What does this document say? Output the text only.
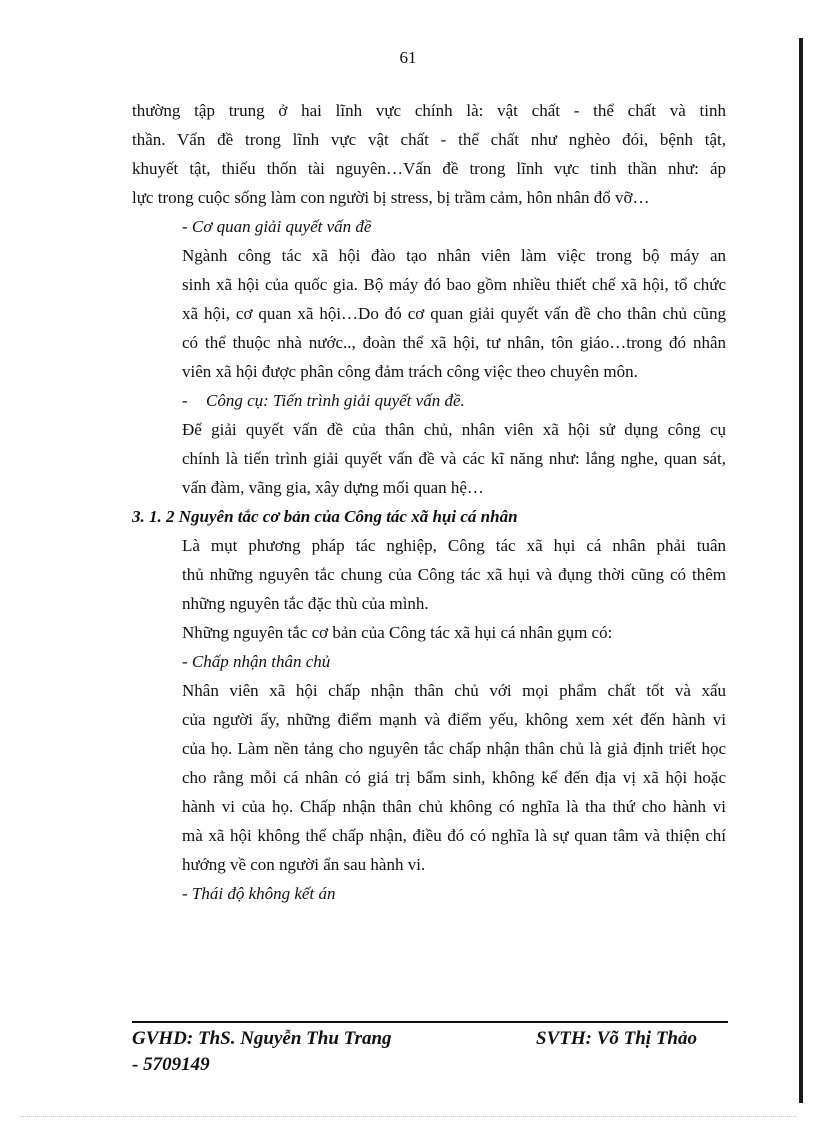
61

thường tập trung ở hai lĩnh vực chính là: vật chất - thể chất và tinh
thần. Vấn đề trong lĩnh vực vật chất - thể chất như nghèo đói, bệnh tật,
khuyết tật, thiếu thốn tài nguyên…Vấn đề trong lĩnh vực tinh thần như: áp
lực trong cuộc sống làm con người bị stress, bị trầm cảm, hôn nhân đổ vỡ…

- Cơ quan giải quyết vấn đề

Ngành công tác xã hội đào tạo nhân viên làm việc trong bộ máy an
sinh xã hội của quốc gia. Bộ máy đó bao gồm nhiều thiết chế xã hội, tổ chức
xã hội, cơ quan xã hội…Do đó cơ quan giải quyết vấn đề cho thân chủ cũng
có thể thuộc nhà nước.., đoàn thể xã hội, tư nhân, tôn giáo…trong đó nhân
viên xã hội được phân công đảm trách công việc theo chuyên môn.

- Công cụ: Tiến trình giải quyết vấn đề.

Để giải quyết vấn đề của thân chủ, nhân viên xã hội sử dụng công cụ
chính là tiến trình giải quyết vấn đề và các kĩ năng như: lắng nghe, quan sát,
vấn đàm, vãng gia, xây dựng mối quan hệ…

3. 1. 2 Nguyên tắc cơ bản của Công tác xã hụi cá nhân

Là mụt phương pháp tác nghiệp, Công tác xã hụi cá nhân phải tuân
thủ những nguyên tắc chung của Công tác xã hụi và đụng thời cũng có thêm
những nguyên tắc đặc thù của mình.

Những nguyên tắc cơ bản của Công tác xã hụi cá nhân gụm có:

- Chấp nhận thân chủ

Nhân viên xã hội chấp nhận thân chủ với mọi phẩm chất tốt và xấu
của người ấy, những điểm mạnh và điểm yếu, không xem xét đến hành vi
của họ. Làm nền tảng cho nguyên tắc chấp nhận thân chủ là giả định triết học
cho rằng mỗi cá nhân có giá trị bẩm sinh, không kể đến địa vị xã hội hoặc
hành vi của họ. Chấp nhận thân chủ không có nghĩa là tha thứ cho hành vi
mà xã hội không thể chấp nhận, điều đó có nghĩa là sự quan tâm và thiện chí
hướng về con người ẩn sau hành vi.

- Thái độ không kết án

GVHD: ThS. Nguyễn Thu Trang
- 5709149
SVTH: Võ Thị Thảo
